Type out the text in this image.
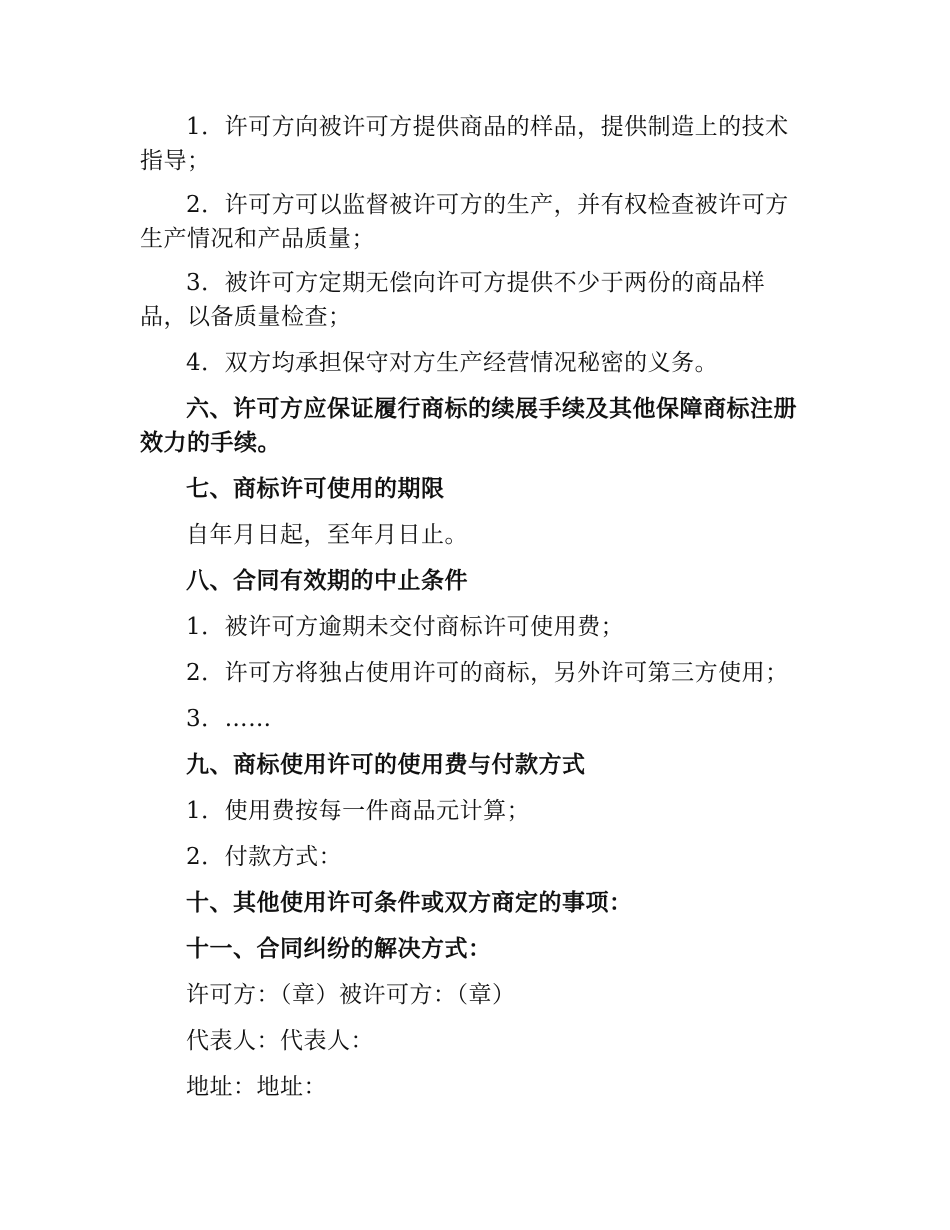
1．许可方向被许可方提供商品的样品，提供制造上的技术指导；

2．许可方可以监督被许可方的生产，并有权检查被许可方生产情况和产品质量；

3．被许可方定期无偿向许可方提供不少于两份的商品样品，以备质量检查；

4．双方均承担保守对方生产经营情况秘密的义务。

六、许可方应保证履行商标的续展手续及其他保障商标注册效力的手续。

七、商标许可使用的期限

自年月日起，至年月日止。

八、合同有效期的中止条件

1．被许可方逾期未交付商标许可使用费；

2．许可方将独占使用许可的商标，另外许可第三方使用；

3．……

九、商标使用许可的使用费与付款方式

1．使用费按每一件商品元计算；

2．付款方式：

十、其他使用许可条件或双方商定的事项：

十一、合同纠纷的解决方式：

许可方：（章）被许可方：（章）

代表人：代表人：

地址：地址：
